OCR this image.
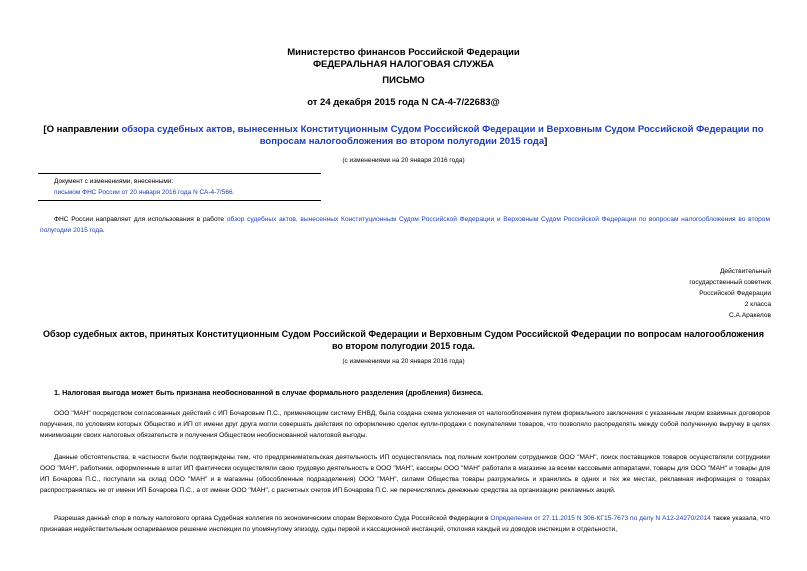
Министерство финансов Российской Федерации
ФЕДЕРАЛЬНАЯ НАЛОГОВАЯ СЛУЖБА
ПИСЬМО
от 24 декабря 2015 года N СА-4-7/22683@
[О направлении обзора судебных актов, вынесенных Конституционным Судом Российской Федерации и Верховным Судом Российской Федерации по вопросам налогообложения во втором полугодии 2015 года]
(с изменениями на 20 января 2016 года)
Документ с изменениями, внесенными:
письмом ФНС России от 20 января 2016 года N СА-4-7/566.
ФНС России направляет для использования в работе обзор судебных актов, вынесенных Конституционным Судом Российской Федерации и Верховным Судом Российской Федерации по вопросам налогообложения во втором полугодии 2015 года.
Действительный
государственный советник
Российской Федерации
2 класса
С.А.Аракелов
Обзор судебных актов, принятых Конституционным Судом Российской Федерации и Верховным Судом Российской Федерации по вопросам налогообложения во втором полугодии 2015 года.
(с изменениями на 20 января 2016 года)
1. Налоговая выгода может быть признана необоснованной в случае формального разделения (дробления) бизнеса.
ООО "МАН" посредством согласованных действий с ИП Бочаровым П.С., применяющим систему ЕНВД, была создана схема уклонения от налогообложения путем формального заключения с указанным лицом взаимных договоров поручения, по условиям которых Общество и ИП от имени друг друга могли совершать действия по оформлению сделок купли-продажи с покупателями товаров, что позволяло распределять между собой полученную выручку в целях минимизации своих налоговых обязательств и получения Обществом необоснованной налоговой выгоды.
Данные обстоятельства, в частности были подтверждены тем, что предпринимательская деятельность ИП осуществлялась под полным контролем сотрудников ООО "МАН", поиск поставщиков товаров осуществляли сотрудники ООО "МАН", работники, оформленные в штат ИП фактически осуществляли свою трудовую деятельность в ООО "МАН", кассиры ООО "МАН" работали в магазине за всеми кассовыми аппаратами, товары для ООО "МАН" и товары для ИП Бочарова П.С., поступали на склад ООО "МАН" и в магазины (обособленные подразделения) ООО "МАН", силами Общества товары разгружались и хранились в одних и тех же местах, рекламная информация о товарах распространялась не от имени ИП Бочарова П.С., а от имени ООО "МАН", с расчетных счетов ИП Бочарова П.С. не перечислялись денежные средства за организацию рекламных акций.
Разрешая данный спор в пользу налогового органа Судебная коллегия по экономическим спорам Верховного Суда Российской Федерации в Определении от 27.11.2015 N 306-КГ15-7673 по делу N А12-24270/2014 также указала, что признавая недействительным оспариваемое решение инспекции по упомянутому эпизоду, суды первой и кассационной инстанций, отклоняя каждый из доводов инспекции в отдельности,
